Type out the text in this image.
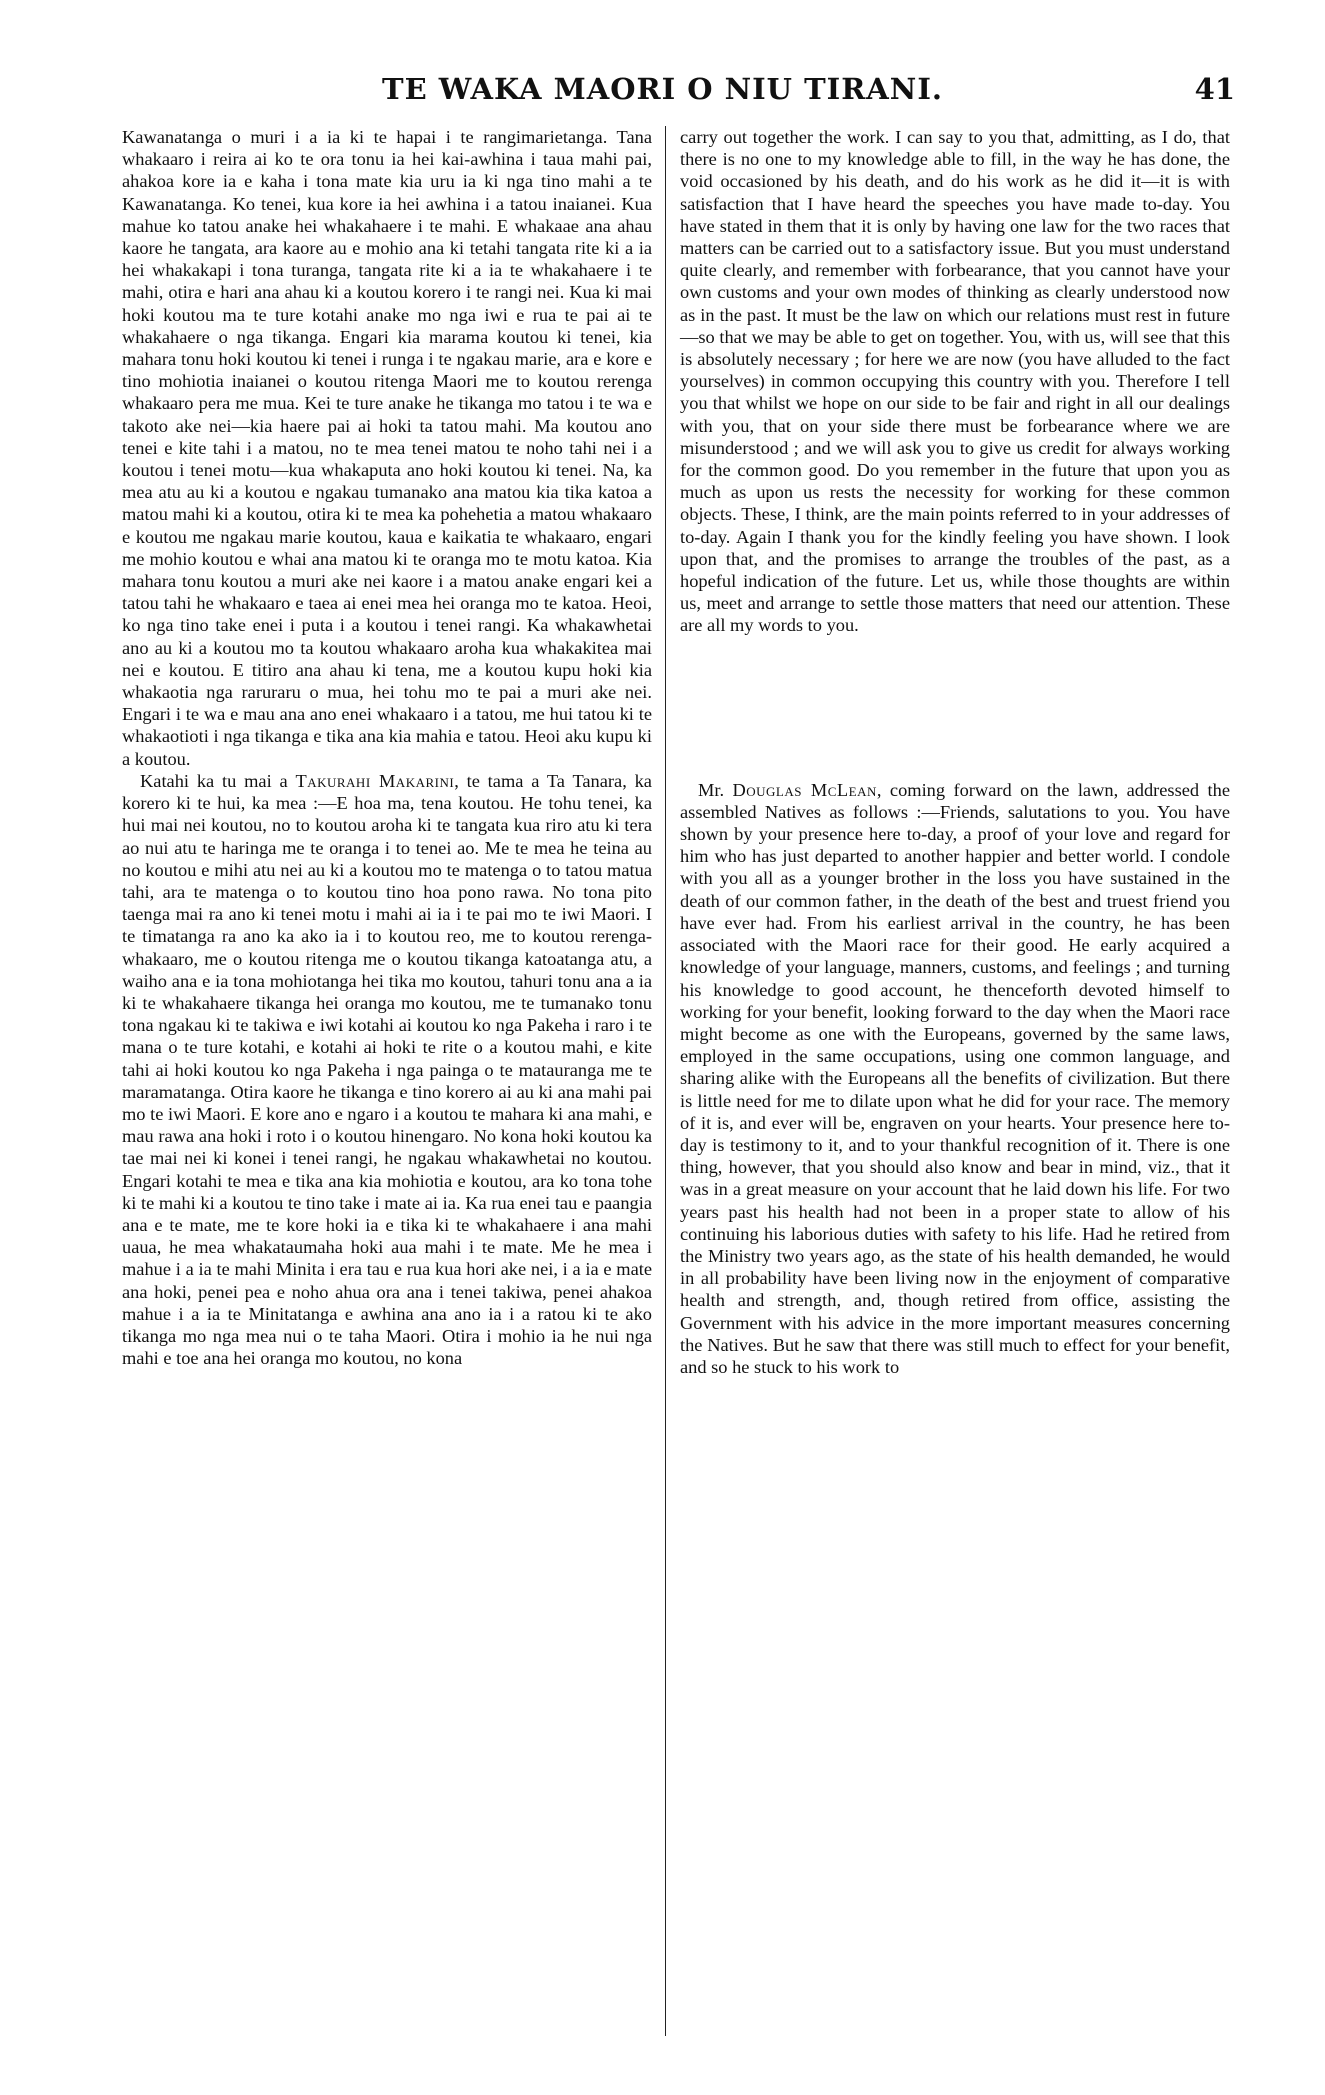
TE WAKA MAORI O NIU TIRANI.	41

Kawanatanga o muri i a ia ki te hapai i te rangimarietanga. Tana whakaaro i reira ai ko te ora tonu ia hei kai-awhina i taua mahi pai, ahakoa kore ia e kaha i tona mate kia uru ia ki nga tino mahi a te Kawanatanga. Ko tenei, kua kore ia hei awhina i a tatou inaianei. Kua mahue ko tatou anake hei whakahaere i te mahi. E whakaae ana ahau kaore he tangata, ara kaore au e mohio ana ki tetahi tangata rite ki a ia hei whakakapi i tona turanga, tangata rite ki a ia te whakahaere i te mahi, otira e hari ana ahau ki a koutou korero i te rangi nei. Kua ki mai hoki koutou ma te ture kotahi anake mo nga iwi e rua te pai ai te whakahaere o nga tikanga. Engari kia marama koutou ki tenei, kia mahara tonu hoki koutou ki tenei i runga i te ngakau marie, ara e kore e tino mohiotia inaianei o koutou ritenga Maori me to koutou rerenga whakaaro pera me mua. Kei te ture anake he tikanga mo tatou i te wa e takoto ake nei—kia haere pai ai hoki ta tatou mahi. Ma koutou ano tenei e kite tahi i a matou, no te mea tenei matou te noho tahi nei i a koutou i tenei motu—kua whakaputa ano hoki koutou ki tenei. Na, ka mea atu au ki a koutou e ngakau tumanako ana matou kia tika katoa a matou mahi ki a koutou, otira ki te mea ka pohehetia a matou whakaaro e koutou me ngakau marie koutou, kaua e kaikatia te whakaaro, engari me mohio koutou e whai ana matou ki te oranga mo te motu katoa. Kia mahara tonu koutou a muri ake nei kaore i a matou anake engari kei a tatou tahi he whakaaro e taea ai enei mea hei oranga mo te katoa. Heoi, ko nga tino take enei i puta i a koutou i tenei rangi. Ka whakawhetai ano au ki a koutou mo ta koutou whakaaro aroha kua whakakitea mai nei e koutou. E titiro ana ahau ki tena, me a koutou kupu hoki kia whakaotia nga raruraru o mua, hei tohu mo te pai a muri ake nei. Engari i te wa e mau ana ano enei whakaaro i a tatou, me hui tatou ki te whakaotioti i nga tikanga e tika ana kia mahia e tatou. Heoi aku kupu ki a koutou.

Katahi ka tu mai a Takurahi Makarini, te tama a Ta Tanara, ka korero ki te hui, ka mea :—E hoa ma, tena koutou. He tohu tenei, ka hui mai nei koutou, no to koutou aroha ki te tangata kua riro atu ki tera ao nui atu te haringa me te oranga i to tenei ao. Me te mea he teina au no koutou e mihi atu nei au ki a koutou mo te matenga o to tatou matua tahi, ara te matenga o to koutou tino hoa pono rawa. No tona pito taenga mai ra ano ki tenei motu i mahi ai ia i te pai mo te iwi Maori. I te timatanga ra ano ka ako ia i to koutou reo, me to koutou rerenga-whakaaro, me o koutou ritenga me o koutou tikanga katoatanga atu, a waiho ana e ia tona mohiotanga hei tika mo koutou, tahuri tonu ana a ia ki te whakahaere tikanga hei oranga mo koutou, me te tumanako tonu tona ngakau ki te takiwa e iwi kotahi ai koutou ko nga Pakeha i raro i te mana o te ture kotahi, e kotahi ai hoki te rite o a koutou mahi, e kite tahi ai hoki koutou ko nga Pakeha i nga painga o te matauranga me te maramatanga. Otira kaore he tikanga e tino korero ai au ki ana mahi pai mo te iwi Maori. E kore ano e ngaro i a koutou te mahara ki ana mahi, e mau rawa ana hoki i roto i o koutou hinengaro. No kona hoki koutou ka tae mai nei ki konei i tenei rangi, he ngakau whakawhetai no koutou. Engari kotahi te mea e tika ana kia mohiotia e koutou, ara ko tona tohe ki te mahi ki a koutou te tino take i mate ai ia. Ka rua enei tau e paangia ana e te mate, me te kore hoki ia e tika ki te whakahaere i ana mahi uaua, he mea whakataumaha hoki aua mahi i te mate. Me he mea i mahue i a ia te mahi Minita i era tau e rua kua hori ake nei, i a ia e mate ana hoki, penei pea e noho ahua ora ana i tenei takiwa, penei ahakoa mahue i a ia te Minitatanga e awhina ana ano ia i a ratou ki te ako tikanga mo nga mea nui o te taha Maori. Otira i mohio ia he nui nga mahi e toe ana hei oranga mo koutou, no kona

carry out together the work. I can say to you that, admitting, as I do, that there is no one to my knowledge able to fill, in the way he has done, the void occasioned by his death, and do his work as he did it—it is with satisfaction that I have heard the speeches you have made to-day. You have stated in them that it is only by having one law for the two races that matters can be carried out to a satisfactory issue. But you must understand quite clearly, and remember with forbearance, that you cannot have your own customs and your own modes of thinking as clearly understood now as in the past. It must be the law on which our relations must rest in future—so that we may be able to get on together. You, with us, will see that this is absolutely necessary ; for here we are now (you have alluded to the fact yourselves) in common occupying this country with you. Therefore I tell you that whilst we hope on our side to be fair and right in all our dealings with you, that on your side there must be forbearance where we are misunderstood ; and we will ask you to give us credit for always working for the common good. Do you remember in the future that upon you as much as upon us rests the necessity for working for these common objects. These, I think, are the main points referred to in your addresses of to-day. Again I thank you for the kindly feeling you have shown. I look upon that, and the promises to arrange the troubles of the past, as a hopeful indication of the future. Let us, while those thoughts are within us, meet and arrange to settle those matters that need our attention. These are all my words to you.

Mr. Douglas McLean, coming forward on the lawn, addressed the assembled Natives as follows :—Friends, salutations to you. You have shown by your presence here to-day, a proof of your love and regard for him who has just departed to another happier and better world. I condole with you all as a younger brother in the loss you have sustained in the death of our common father, in the death of the best and truest friend you have ever had. From his earliest arrival in the country, he has been associated with the Maori race for their good. He early acquired a knowledge of your language, manners, customs, and feelings ; and turning his knowledge to good account, he thenceforth devoted himself to working for your benefit, looking forward to the day when the Maori race might become as one with the Europeans, governed by the same laws, employed in the same occupations, using one common language, and sharing alike with the Europeans all the benefits of civilization. But there is little need for me to dilate upon what he did for your race. The memory of it is, and ever will be, engraven on your hearts. Your presence here to-day is testimony to it, and to your thankful recognition of it. There is one thing, however, that you should also know and bear in mind, viz., that it was in a great measure on your account that he laid down his life. For two years past his health had not been in a proper state to allow of his continuing his laborious duties with safety to his life. Had he retired from the Ministry two years ago, as the state of his health demanded, he would in all probability have been living now in the enjoyment of comparative health and strength, and, though retired from office, assisting the Government with his advice in the more important measures concerning the Natives. But he saw that there was still much to effect for your benefit, and so he stuck to his work to
